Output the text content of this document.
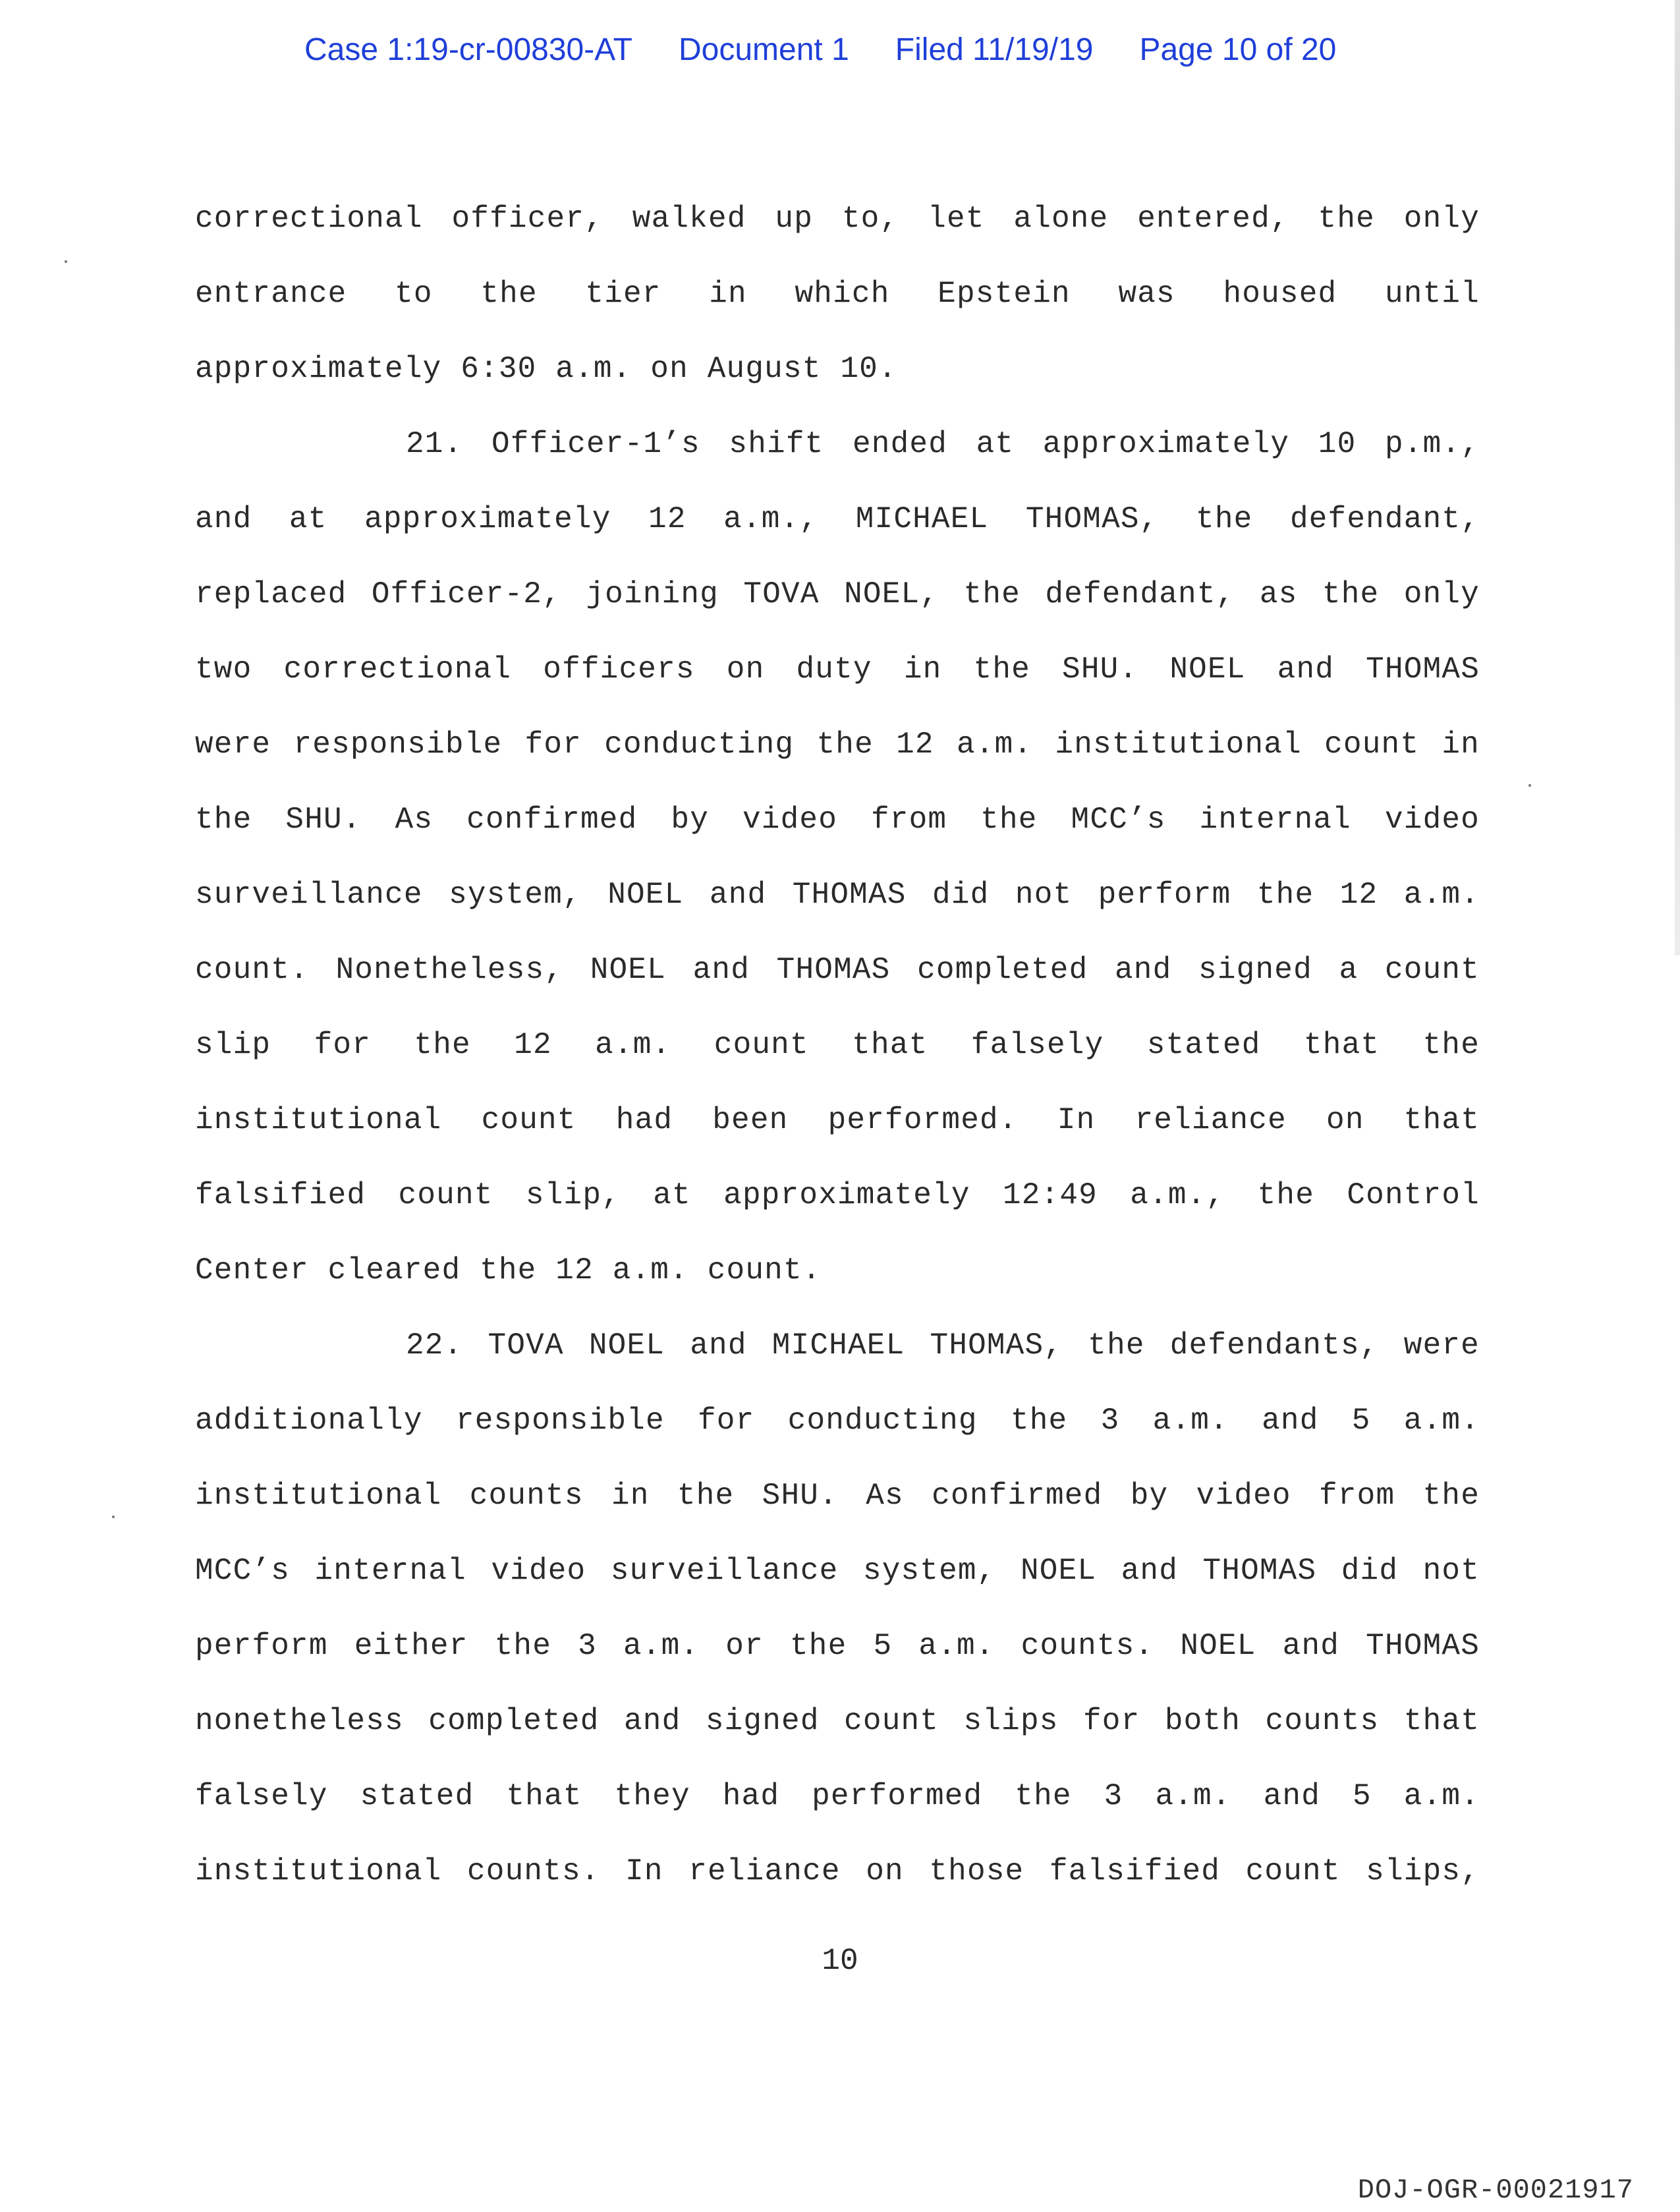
Case 1:19-cr-00830-AT Document 1 Filed 11/19/19 Page 10 of 20
correctional officer, walked up to, let alone entered, the only
entrance to the tier in which Epstein was housed until
approximately 6:30 a.m. on August 10.
21. Officer-1’s shift ended at approximately 10 p.m.,
and at approximately 12 a.m., MICHAEL THOMAS, the defendant,
replaced Officer-2, joining TOVA NOEL, the defendant, as the only
two correctional officers on duty in the SHU. NOEL and THOMAS
were responsible for conducting the 12 a.m. institutional count in
the SHU. As confirmed by video from the MCC’s internal video
surveillance system, NOEL and THOMAS did not perform the 12 a.m.
count. Nonetheless, NOEL and THOMAS completed and signed a count
slip for the 12 a.m. count that falsely stated that the
institutional count had been performed. In reliance on that
falsified count slip, at approximately 12:49 a.m., the Control
Center cleared the 12 a.m. count.
22. TOVA NOEL and MICHAEL THOMAS, the defendants, were
additionally responsible for conducting the 3 a.m. and 5 a.m.
institutional counts in the SHU. As confirmed by video from the
MCC’s internal video surveillance system, NOEL and THOMAS did not
perform either the 3 a.m. or the 5 a.m. counts. NOEL and THOMAS
nonetheless completed and signed count slips for both counts that
falsely stated that they had performed the 3 a.m. and 5 a.m.
institutional counts. In reliance on those falsified count slips,
10
DOJ-OGR-00021917
